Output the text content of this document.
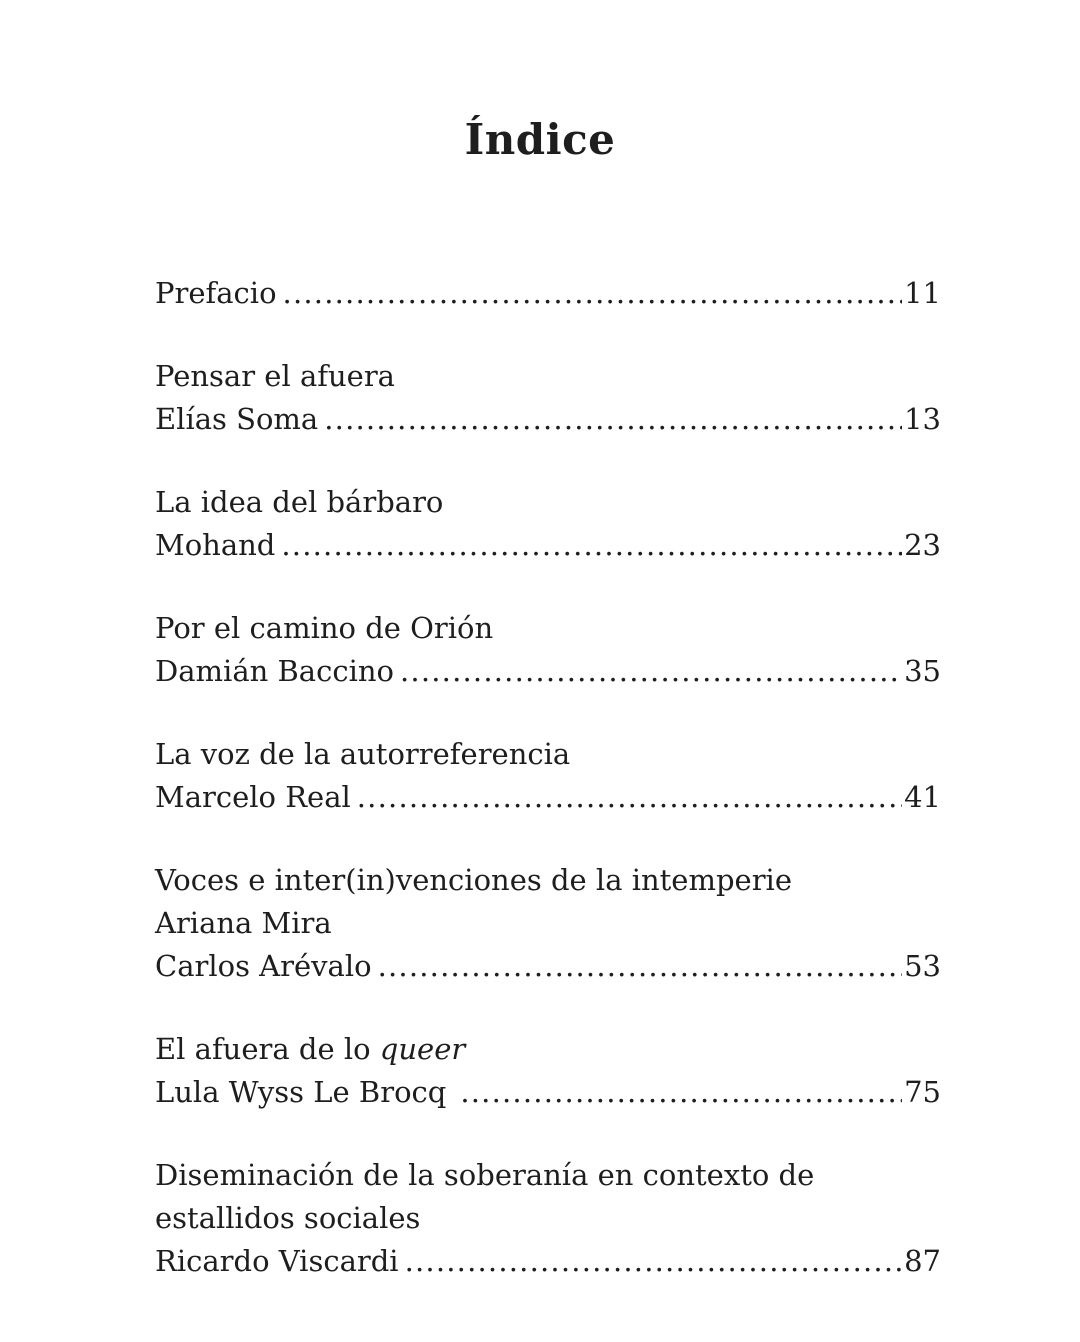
Índice
Prefacio .....	11
Pensar el afuera
Elías Soma .....	13
La idea del bárbaro
Mohand .....	23
Por el camino de Orión
Damián Baccino .....	35
La voz de la autorreferencia
Marcelo Real .....	41
Voces e inter(in)venciones de la intemperie
Ariana Mira
Carlos Arévalo .....	53
El afuera de lo queer
Lula Wyss Le Brocq .....	75
Diseminación de la soberanía en contexto de
estallidos sociales
Ricardo Viscardi .....	87
